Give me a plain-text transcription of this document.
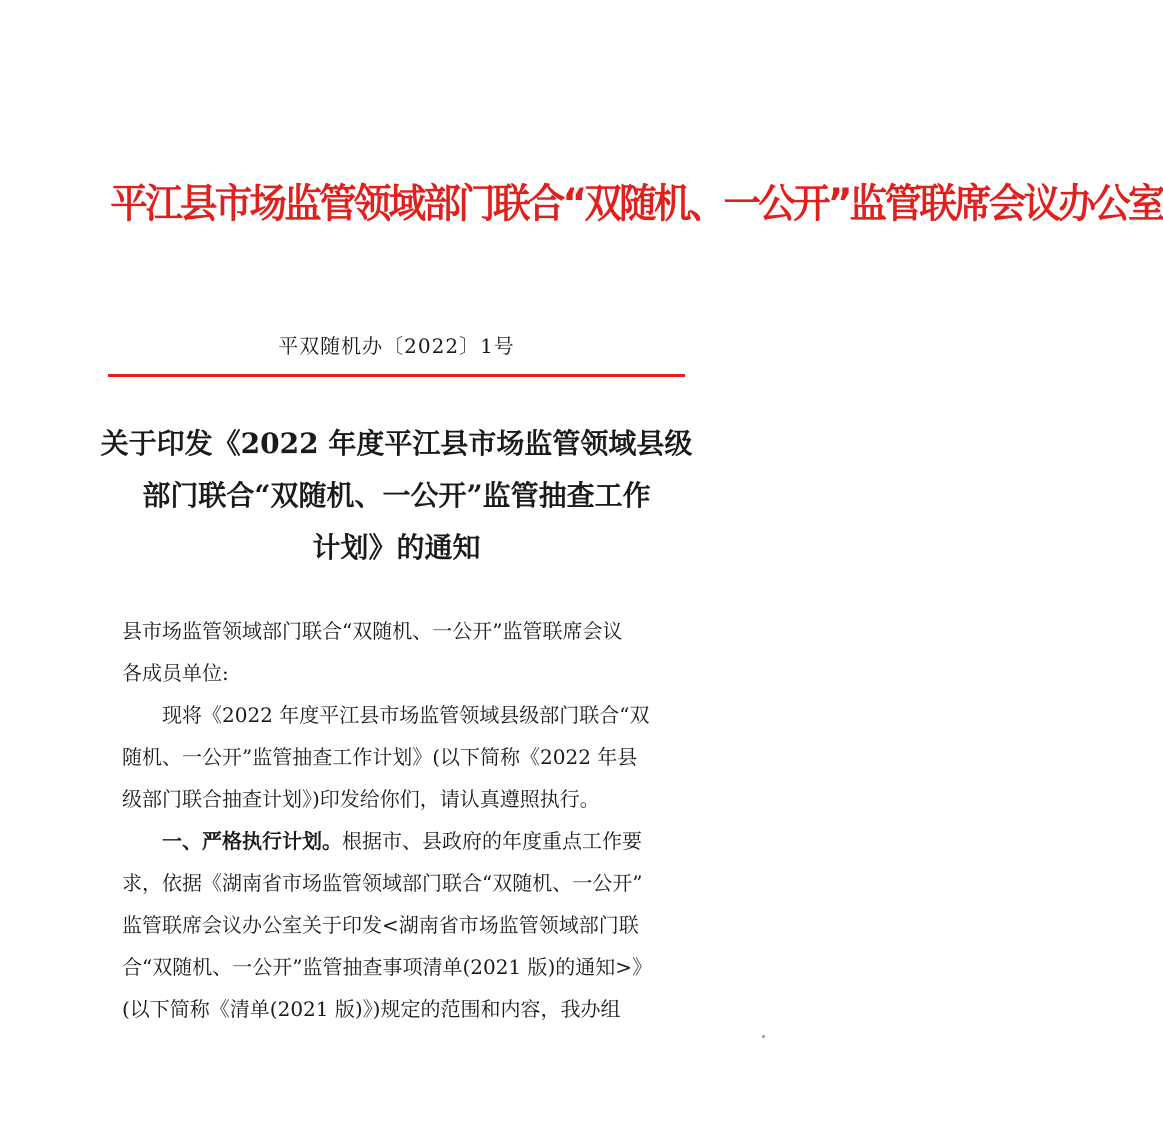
平江县市场监管领域部门联合“双随机、一公开”监管联席会议办公室
平双随机办〔2022〕1号
关于印发《2022 年度平江县市场监管领域县级
部门联合“双随机、一公开”监管抽查工作
计划》的通知

县市场监管领域部门联合“双随机、一公开”监管联席会议

各成员单位:

现将《2022 年度平江县市场监管领域县级部门联合“双

随机、一公开”监管抽查工作计划》(以下简称《2022 年县

级部门联合抽查计划》)印发给你们，请认真遵照执行。

一、严格执行计划。根据市、县政府的年度重点工作要

求，依据《湖南省市场监管领域部门联合“双随机、一公开”

监管联席会议办公室关于印发<湖南省市场监管领域部门联

合“双随机、一公开”监管抽查事项清单(2021 版)的通知>》

(以下简称《清单(2021 版)》)规定的范围和内容，我办组
